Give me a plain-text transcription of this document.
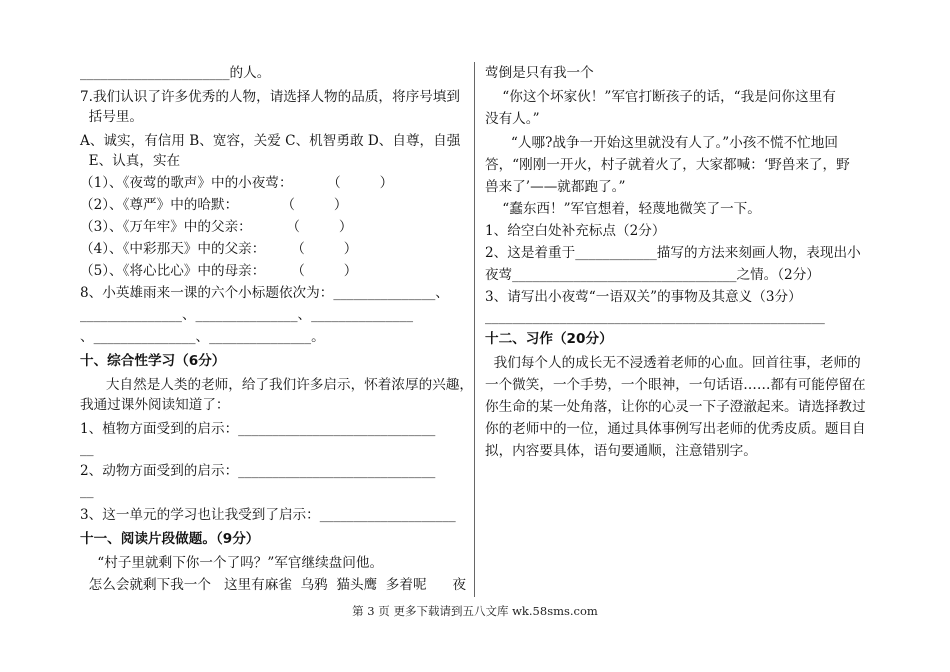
______________________的人。
7.我们认识了许多优秀的人物，请选择人物的品质，将序号填到
括号里。
A、诚实，有信用 B、宽容，关爱 C、机智勇敢 D、自尊，自强
E、认真，实在
（1）、《夜莺的歌声》中的小夜莺：        （         ）
（2）、《尊严》中的哈默：          （         ）
（3）、《万年牢》中的父亲：        （         ）
（4）、《中彩那天》中的父亲：      （         ）
（5）、《将心比心》中的母亲：      （         ）
8、小英雄雨来一课的六个小标题依次为：_______________、
_______________、_______________、_______________
、_______________、_______________。
十、综合性学习（6分）
大自然是人类的老师，给了我们许多启示，怀着浓厚的兴趣，
我通过课外阅读知道了：
1、植物方面受到的启示：_____________________________
__
2、动物方面受到的启示：_____________________________
__
3、这一单元的学习也让我受到了启示：____________________
十一、阅读片段做题。（9分）
“村子里就剩下你一个了吗？”军官继续盘问他。
怎么会就剩下我一个   这里有麻雀  乌鸦  猫头鹰  多着呢      夜
莺倒是只有我一个
“你这个坏家伙！”军官打断孩子的话，“我是问你这里有
没有人。”
“人哪?战争一开始这里就没有人了。”小孩不慌不忙地回
答，“刚刚一开火，村子就着火了，大家都喊：‘野兽来了，野
兽来了’——就都跑了。”
“蠢东西！”军官想着，轻蔑地微笑了一下。
1、给空白处补充标点（2分）
2、这是着重于____________描写的方法来刻画人物，表现出小
夜莺_________________________________之情。（2分）
3、请写出小夜莺“一语双关”的事物及其意义（3分）
__________________________________________________
十二、习作（20分）
我们每个人的成长无不浸透着老师的心血。回首往事，老师的
一个微笑，一个手势，一个眼神，一句话语……都有可能停留在
你生命的某一处角落，让你的心灵一下子澄澈起来。请选择教过
你的老师中的一位，通过具体事例写出老师的优秀皮质。题目自
拟，内容要具体，语句要通顺，注意错别字。
第 3 页 更多下载请到五八文库 wk.58sms.com
